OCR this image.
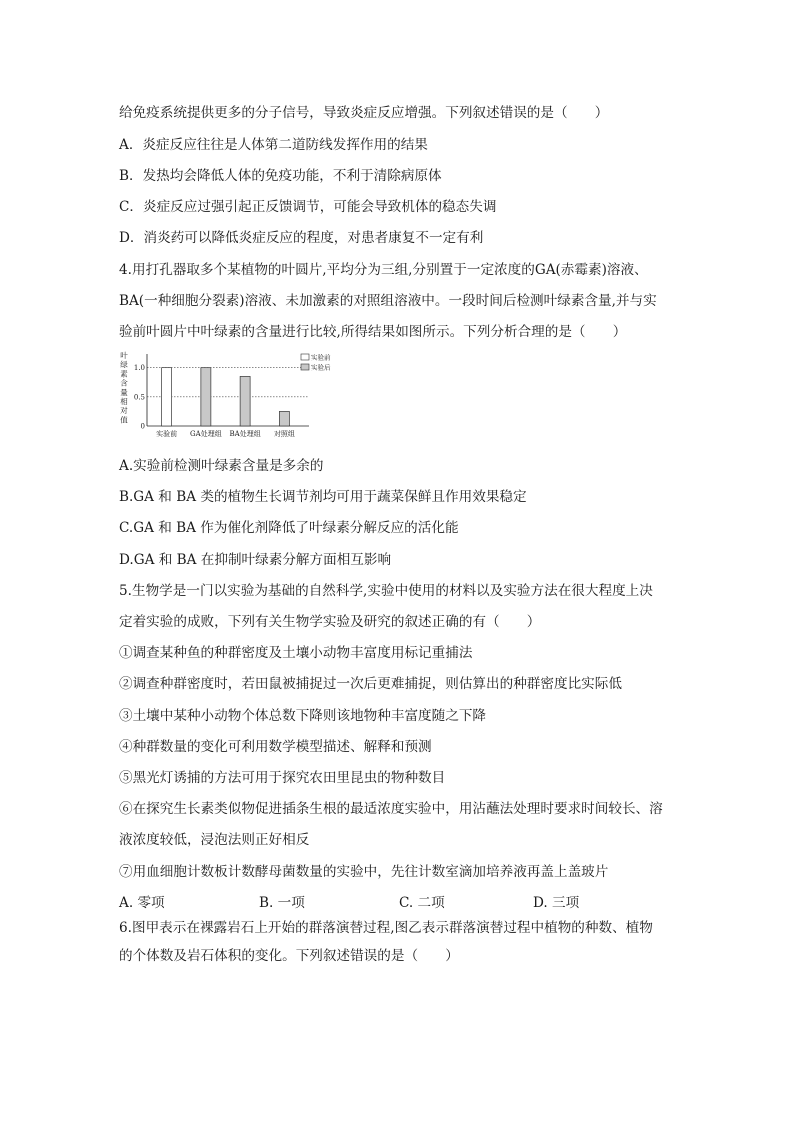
给免疫系统提供更多的分子信号，导致炎症反应增强。下列叙述错误的是（　　）
A．炎症反应往往是人体第二道防线发挥作用的结果
B．发热均会降低人体的免疫功能，不利于清除病原体
C．炎症反应过强引起正反馈调节，可能会导致机体的稳态失调
D．消炎药可以降低炎症反应的程度，对患者康复不一定有利
4.用打孔器取多个某植物的叶圆片,平均分为三组,分别置于一定浓度的GA(赤霉素)溶液、
BA(一种细胞分裂素)溶液、未加激素的对照组溶液中。一段时间后检测叶绿素含量,并与实
验前叶圆片中叶绿素的含量进行比较,所得结果如图所示。下列分析合理的是（　　）
A.实验前检测叶绿素含量是多余的
B.GA 和 BA 类的植物生长调节剂均可用于蔬菜保鲜且作用效果稳定
C.GA 和 BA 作为催化剂降低了叶绿素分解反应的活化能
D.GA 和 BA 在抑制叶绿素分解方面相互影响
5.生物学是一门以实验为基础的自然科学,实验中使用的材料以及实验方法在很大程度上决
定着实验的成败，下列有关生物学实验及研究的叙述正确的有（　　）
①调查某种鱼的种群密度及土壤小动物丰富度用标记重捕法
②调查种群密度时，若田鼠被捕捉过一次后更难捕捉，则估算出的种群密度比实际低
③土壤中某种小动物个体总数下降则该地物种丰富度随之下降
④种群数量的变化可利用数学模型描述、解释和预测
⑤黑光灯诱捕的方法可用于探究农田里昆虫的物种数目
⑥在探究生长素类似物促进插条生根的最适浓度实验中，用沾蘸法处理时要求时间较长、溶
液浓度较低，浸泡法则正好相反
⑦用血细胞计数板计数酵母菌数量的实验中，先往计数室滴加培养液再盖上盖玻片
6.图甲表示在裸露岩石上开始的群落演替过程,图乙表示群落演替过程中植物的种数、植物
的个体数及岩石体积的变化。下列叙述错误的是（　　）
叶
绿
素
含
量
相
对
值
0
0.5
1.0
实验前 GA处理组 BA处理组 对照组
实验前
实验后
A. 零项	B. 一项	C. 二项	D. 三项
